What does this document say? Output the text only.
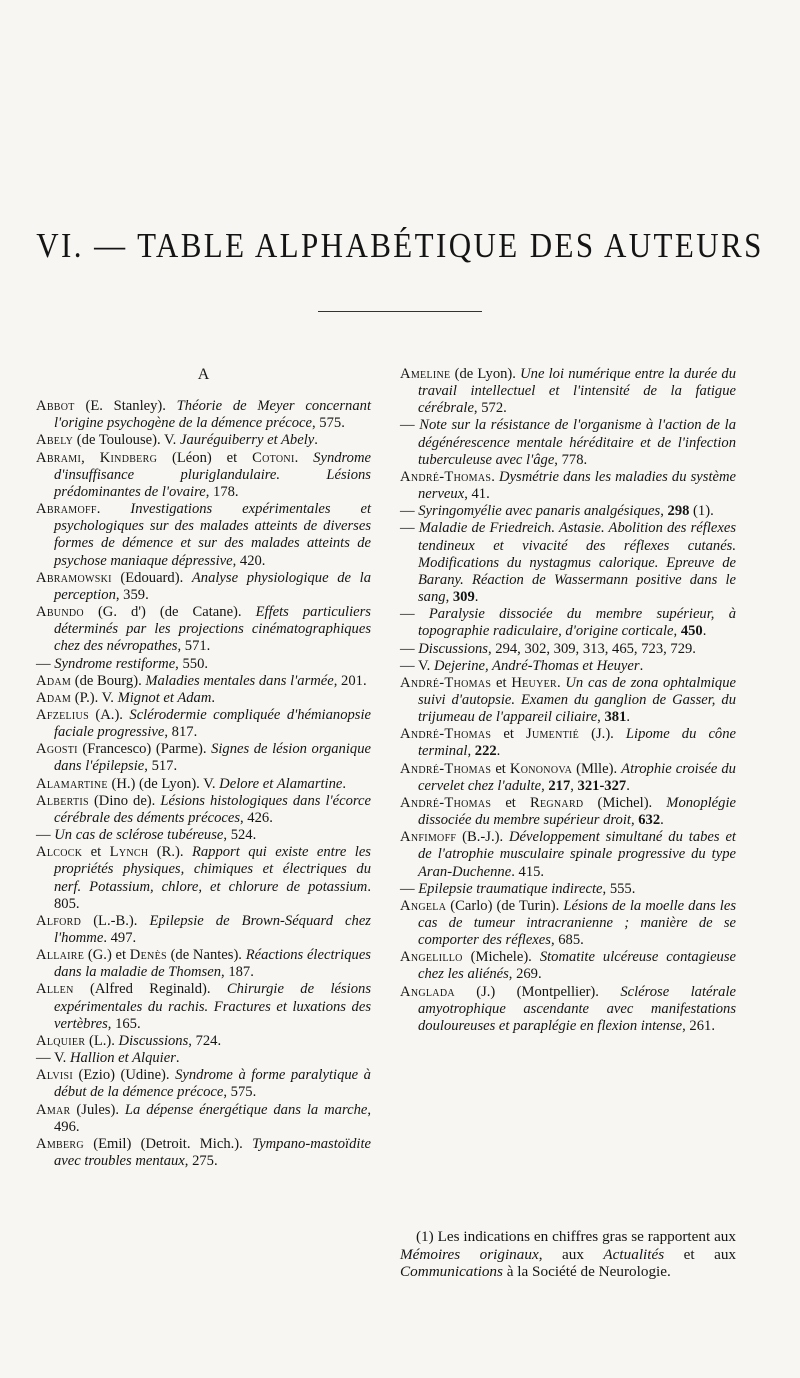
VI. — TABLE ALPHABÉTIQUE DES AUTEURS
A

Abbot (E. Stanley). Théorie de Meyer concernant l'origine psychogène de la démence précoce, 575.

Abely (de Toulouse). V. Jauréguiberry et Abely.

Abrami, Kindberg (Léon) et Cotoni. Syndrome d'insuffisance pluriglandulaire. Lésions prédominantes de l'ovaire, 178.

Abramoff. Investigations expérimentales et psychologiques sur des malades atteints de diverses formes de démence et sur des malades atteints de psychose maniaque dépressive, 420.

Abramowski (Edouard). Analyse physiologique de la perception, 359.

Abundo (G. d') (de Catane). Effets particuliers déterminés par les projections cinématographiques chez des névropathes, 571.

— Syndrome restiforme, 550.

Adam (de Bourg). Maladies mentales dans l'armée, 201.

Adam (P.). V. Mignot et Adam.

Afzelius (A.). Sclérodermie compliquée d'hémianopsie faciale progressive, 817.

Agosti (Francesco) (Parme). Signes de lésion organique dans l'épilepsie, 517.

Alamartine (H.) (de Lyon). V. Delore et Alamartine.

Albertis (Dino de). Lésions histologiques dans l'écorce cérébrale des déments précoces, 426.

— Un cas de sclérose tubéreuse, 524.

Alcock et Lynch (R.). Rapport qui existe entre les propriétés physiques, chimiques et électriques du nerf. Potassium, chlore, et chlorure de potassium. 805.

Alford (L.-B.). Epilepsie de Brown-Séquard chez l'homme. 497.

Allaire (G.) et Denès (de Nantes). Réactions électriques dans la maladie de Thomsen, 187.

Allen (Alfred Reginald). Chirurgie de lésions expérimentales du rachis. Fractures et luxations des vertèbres, 165.

Alquier (L.). Discussions, 724.

— V. Hallion et Alquier.

Alvisi (Ezio) (Udine). Syndrome à forme paralytique à début de la démence précoce, 575.

Amar (Jules). La dépense énergétique dans la marche, 496.

Amberg (Emil) (Detroit. Mich.). Tympano-mastoïdite avec troubles mentaux, 275.

Ameline (de Lyon). Une loi numérique entre la durée du travail intellectuel et l'intensité de la fatigue cérébrale, 572.

— Note sur la résistance de l'organisme à l'action de la dégénérescence mentale héréditaire et de l'infection tuberculeuse avec l'âge, 778.

André-Thomas. Dysmétrie dans les maladies du système nerveux, 41.

— Syringomyélie avec panaris analgésiques, 298 (1).

— Maladie de Friedreich. Astasie. Abolition des réflexes tendineux et vivacité des réflexes cutanés. Modifications du nystagmus calorique. Epreuve de Barany. Réaction de Wassermann positive dans le sang, 309.

— Paralysie dissociée du membre supérieur, à topographie radiculaire, d'origine corticale, 450.

— Discussions, 294, 302, 309, 313, 465, 723, 729.

— V. Dejerine, André-Thomas et Heuyer.

André-Thomas et Heuyer. Un cas de zona ophtalmique suivi d'autopsie. Examen du ganglion de Gasser, du trijumeau de l'appareil ciliaire, 381.

André-Thomas et Jumentié (J.). Lipome du cône terminal, 222.

André-Thomas et Kononova (Mlle). Atrophie croisée du cervelet chez l'adulte, 217, 321-327.

André-Thomas et Regnard (Michel). Monoplégie dissociée du membre supérieur droit, 632.

Anfimoff (B.-J.). Développement simultané du tabes et de l'atrophie musculaire spinale progressive du type Aran-Duchenne. 415.

— Epilepsie traumatique indirecte, 555.

Angela (Carlo) (de Turin). Lésions de la moelle dans les cas de tumeur intracranienne ; manière de se comporter des réflexes, 685.

Angelillo (Michele). Stomatite ulcéreuse contagieuse chez les aliénés, 269.

Anglada (J.) (Montpellier). Sclérose latérale amyotrophique ascendante avec manifestations douloureuses et paraplégie en flexion intense, 261.

(1) Les indications en chiffres gras se rapportent aux Mémoires originaux, aux Actualités et aux Communications à la Société de Neurologie.
